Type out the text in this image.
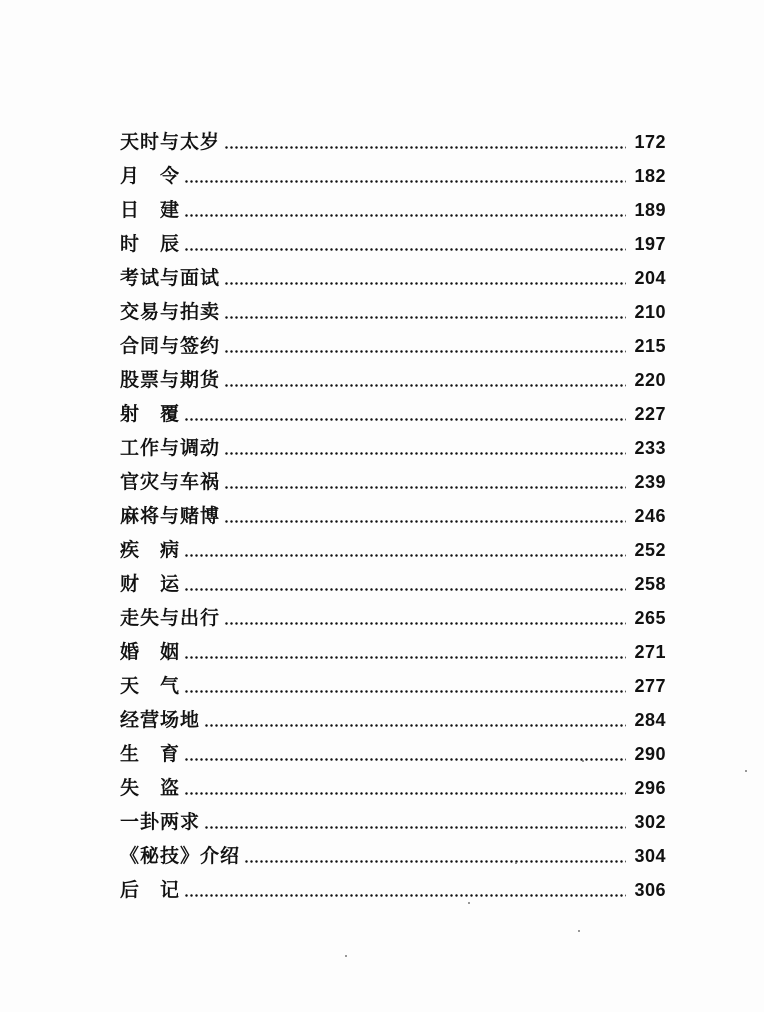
天时与太岁	172
月　令	182
日　建	189
时　辰	197
考试与面试	204
交易与拍卖	210
合同与签约	215
股票与期货	220
射　覆	227
工作与调动	233
官灾与车祸	239
麻将与赌博	246
疾　病	252
财　运	258
走失与出行	265
婚　姻	271
天　气	277
经营场地	284
生　育	290
失　盗	296
一卦两求	302
《秘技》介绍	304
后　记	306
